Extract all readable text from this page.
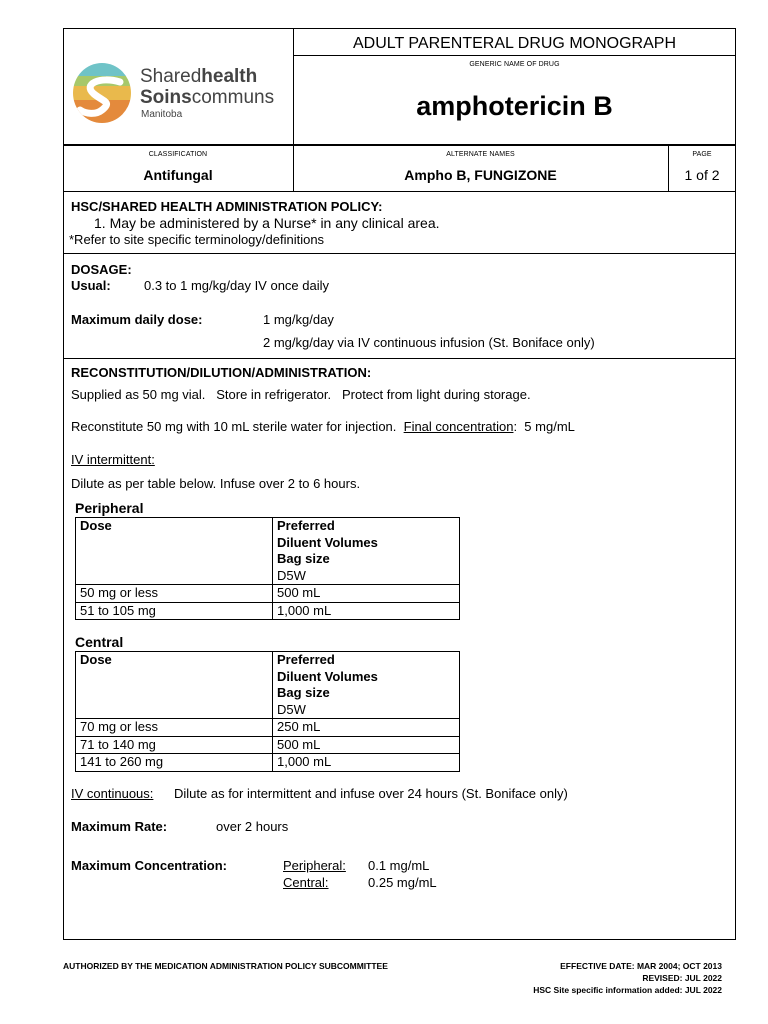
Sharedhealth
Soinscommuns
Manitoba
ADULT PARENTERAL DRUG MONOGRAPH
GENERIC NAME OF DRUG
amphotericin B
CLASSIFICATION
Antifungal
ALTERNATE NAMES
Ampho B, FUNGIZONE
PAGE
1 of 2
HSC/SHARED HEALTH ADMINISTRATION POLICY:
1. May be administered by a Nurse* in any clinical area.
*Refer to site specific terminology/definitions
DOSAGE:
Usual:	0.3 to 1 mg/kg/day IV once daily
Maximum daily dose:	1 mg/kg/day
2 mg/kg/day via IV continuous infusion (St. Boniface only)
RECONSTITUTION/DILUTION/ADMINISTRATION:
Supplied as 50 mg vial.   Store in refrigerator.   Protect from light during storage.
Reconstitute 50 mg with 10 mL sterile water for injection. Final concentration:  5 mg/mL
IV intermittent:
Dilute as per table below. Infuse over 2 to 6 hours.
Peripheral
Dose	Preferred
Diluent Volumes
Bag size
D5W

50 mg or less	500 mL
51 to 105 mg	1,000 mL
Central
Dose	Preferred
Diluent Volumes
Bag size
D5W

70 mg or less	250 mL
71 to 140 mg	500 mL
141 to 260 mg	1,000 mL
IV continuous: Dilute as for intermittent and infuse over 24 hours (St. Boniface only)
Maximum Rate:	over 2 hours
Maximum Concentration:	Peripheral: 0.1 mg/mL
Central:	0.25 mg/mL
AUTHORIZED BY THE MEDICATION ADMINISTRATION POLICY SUBCOMMITTEE	EFFECTIVE DATE: MAR 2004; OCT 2013
REVISED: JUL 2022
HSC Site specific information added: JUL 2022
